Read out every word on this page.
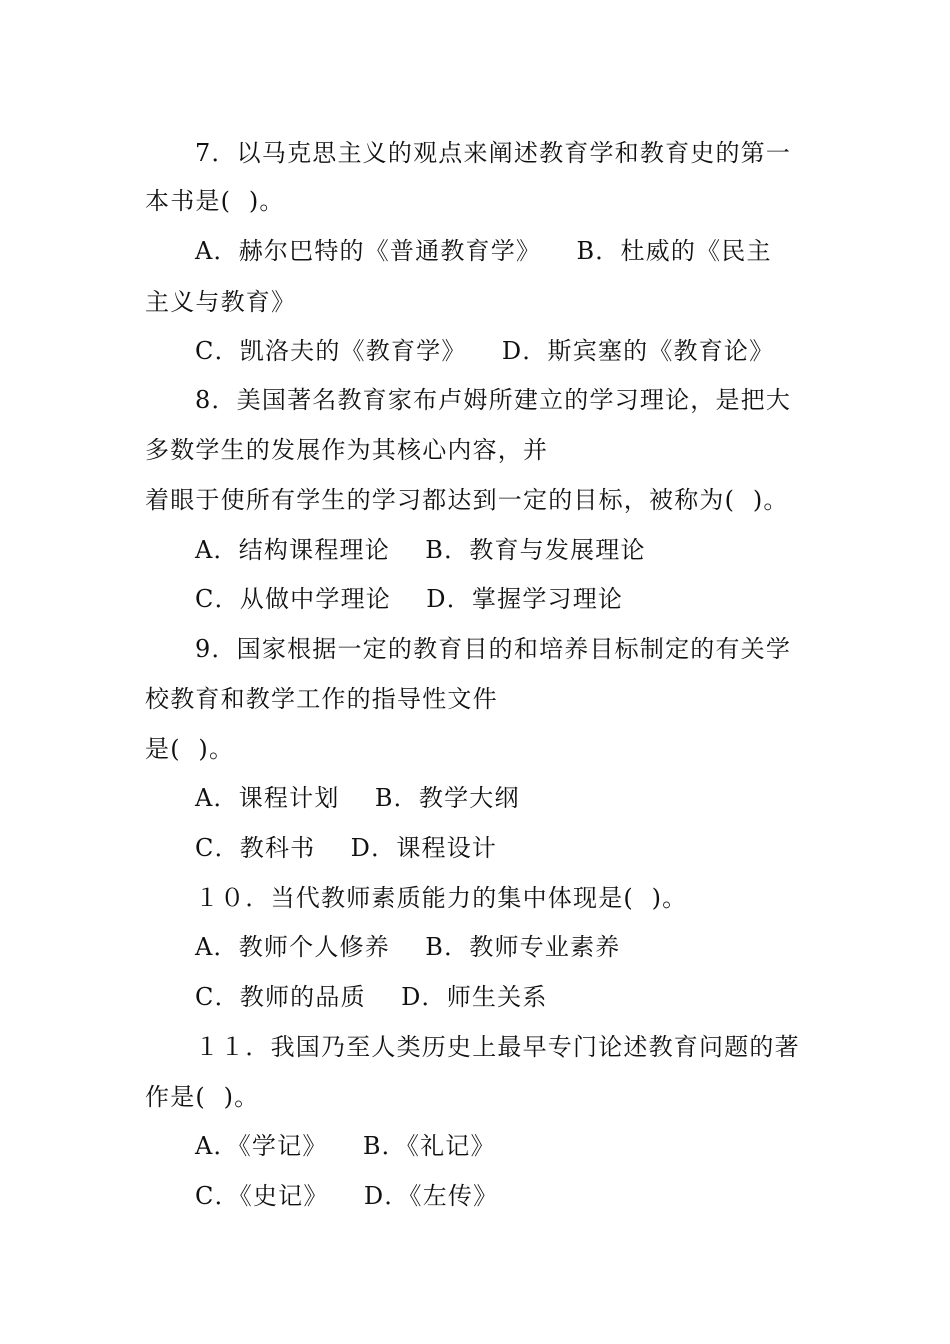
7．以马克思主义的观点来阐述教育学和教育史的第一
本书是(  )。
A．赫尔巴特的《普通教育学》    B．杜威的《民主
主义与教育》
C．凯洛夫的《教育学》    D．斯宾塞的《教育论》
8．美国著名教育家布卢姆所建立的学习理论，是把大
多数学生的发展作为其核心内容，并
着眼于使所有学生的学习都达到一定的目标，被称为(  )。
A．结构课程理论    B．教育与发展理论
C．从做中学理论    D．掌握学习理论
9．国家根据一定的教育目的和培养目标制定的有关学
校教育和教学工作的指导性文件
是(  )。
A．课程计划    B．教学大纲
C．教科书    D．课程设计
１０．当代教师素质能力的集中体现是(  )。
A．教师个人修养    B．教师专业素养
C．教师的品质    D．师生关系
１１．我国乃至人类历史上最早专门论述教育问题的著
作是(  )。
A．《学记》    B．《礼记》
C．《史记》    D．《左传》
